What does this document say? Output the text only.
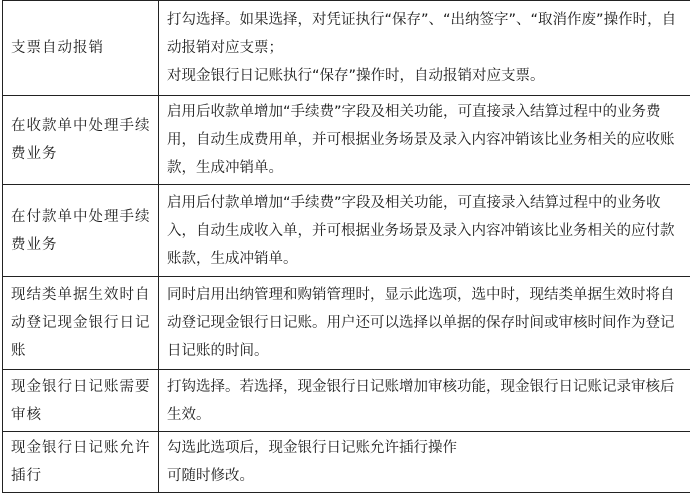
支票自动报销	打勾选择。如果选择，对凭证执行“保存”、“出纳签字”、“取消作废”操作时，自动报销对应支票；

对现金银行日记账执行“保存”操作时，自动报销对应支票。

在收款单中处理手续费业务	启用后收款单增加“手续费”字段及相关功能，可直接录入结算过程中的业务费用，自动生成费用单，并可根据业务场景及录入内容冲销该比业务相关的应收账款，生成冲销单。

在付款单中处理手续费业务	启用后付款单增加“手续费”字段及相关功能，可直接录入结算过程中的业务收入，自动生成收入单，并可根据业务场景及录入内容冲销该比业务相关的应付款账款，生成冲销单。

现结类单据生效时自动登记现金银行日记账	同时启用出纳管理和购销管理时，显示此选项，选中时，现结类单据生效时将自动登记现金银行日记账。用户还可以选择以单据的保存时间或审核时间作为登记日记账的时间。

现金银行日记账需要审核	打钩选择。若选择，现金银行日记账增加审核功能，现金银行日记账记录审核后生效。

现金银行日记账允许插行	勾选此选项后，现金银行日记账允许插行操作

可随时修改。
